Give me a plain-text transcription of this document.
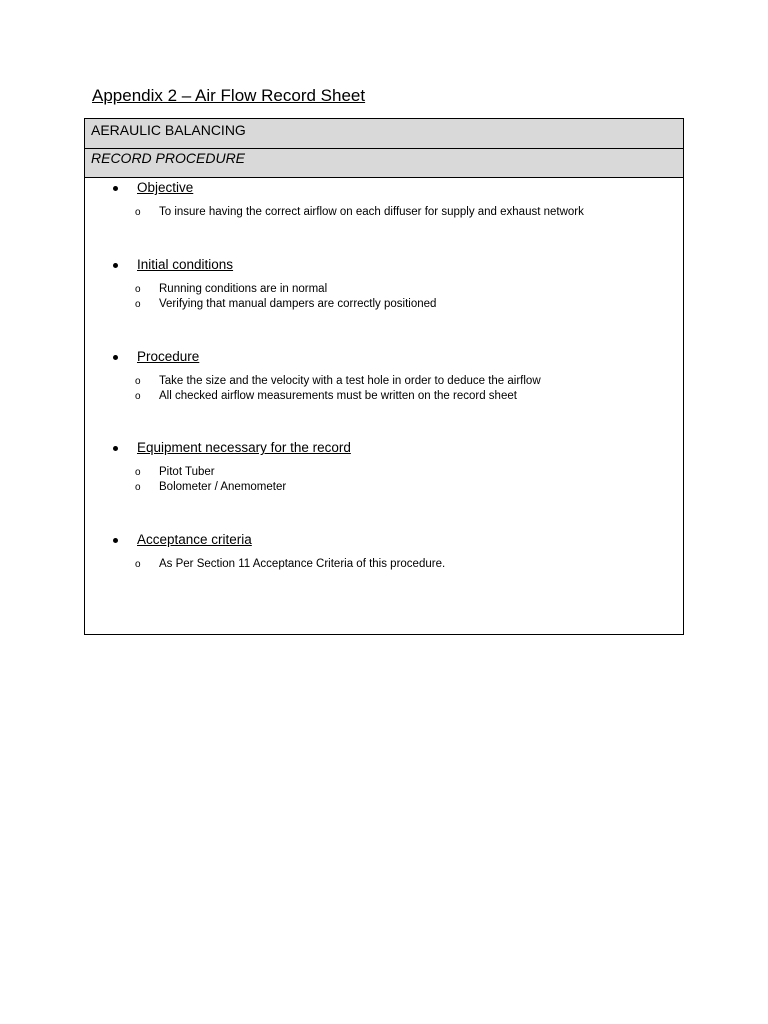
Appendix 2 – Air Flow Record Sheet
AERAULIC BALANCING
RECORD PROCEDURE
Objective
o To insure having the correct airflow on each diffuser for supply and exhaust network
Initial conditions
o Running conditions are in normal
o Verifying that manual dampers are correctly positioned
Procedure
o Take the size and the velocity with a test hole in order to deduce the airflow
o All checked airflow measurements must be written on the record sheet
Equipment necessary for the record
o Pitot Tuber
o Bolometer / Anemometer
Acceptance criteria
o As Per Section 11 Acceptance Criteria of this procedure.
